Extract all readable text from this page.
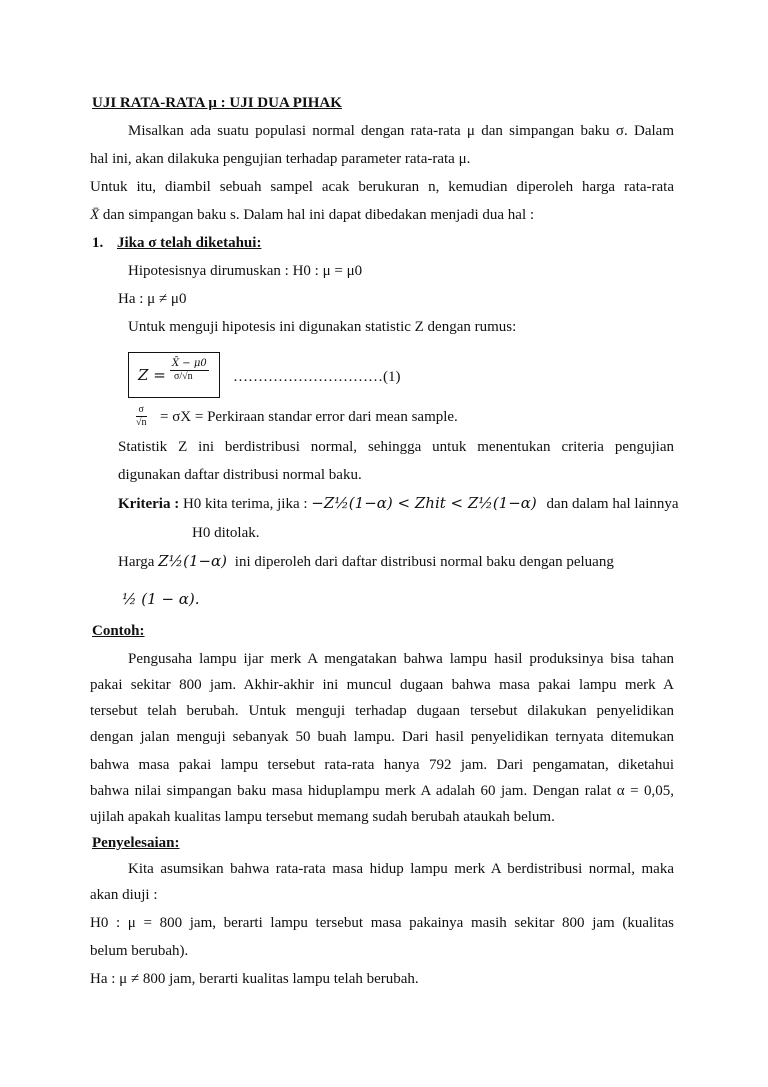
UJI RATA-RATA μ : UJI DUA PIHAK
Misalkan ada suatu populasi normal dengan rata-rata μ dan simpangan baku σ. Dalam
hal ini, akan dilakuka pengujian terhadap parameter rata-rata μ.
Untuk itu, diambil sebuah sampel acak berukuran n, kemudian diperoleh harga rata-rata
X̄ dan simpangan baku s. Dalam hal ini dapat dibedakan menjadi dua hal :
1. Jika σ telah diketahui:
Hipotesisnya dirumuskan : H0 : μ = μ0
Ha : μ ≠ μ0
Untuk menguji hipotesis ini digunakan statistic Z dengan rumus:
$Z = \frac{X̄ - \mu 0}{\sigma/√n}$ …………………………(1)
$\frac{\sigma}{√n} = \sigma X$ = Perkiraan standar error dari mean sample.
Statistik Z ini berdistribusi normal, sehingga untuk menentukan criteria pengujian
digunakan daftar distribusi normal baku.
Kriteria : H0 kita terima, jika : −Z½(1−α) < Zhit < Z½(1−α) dan dalam hal lainnya
H0 ditolak.
Harga Z½(1−α) ini diperoleh dari daftar distribusi normal baku dengan peluang
½ (1 − α).
Contoh:
Pengusaha lampu ijar merk A mengatakan bahwa lampu hasil produksinya bisa tahan
pakai sekitar 800 jam. Akhir-akhir ini muncul dugaan bahwa masa pakai lampu merk A
tersebut telah berubah. Untuk menguji terhadap dugaan tersebut dilakukan penyelidikan
dengan jalan menguji sebanyak 50 buah lampu. Dari hasil penyelidikan ternyata ditemukan
bahwa masa pakai lampu tersebut rata-rata hanya 792 jam. Dari pengamatan, diketahui
bahwa nilai simpangan baku masa hiduplampu merk A adalah 60 jam. Dengan ralat α = 0,05,
ujilah apakah kualitas lampu tersebut memang sudah berubah ataukah belum.
Penyelesaian:
Kita asumsikan bahwa rata-rata masa hidup lampu merk A berdistribusi normal, maka
akan diuji :
H0 : μ = 800 jam, berarti lampu tersebut masa pakainya masih sekitar 800 jam (kualitas
belum berubah).
Ha : μ ≠ 800 jam, berarti kualitas lampu telah berubah.
